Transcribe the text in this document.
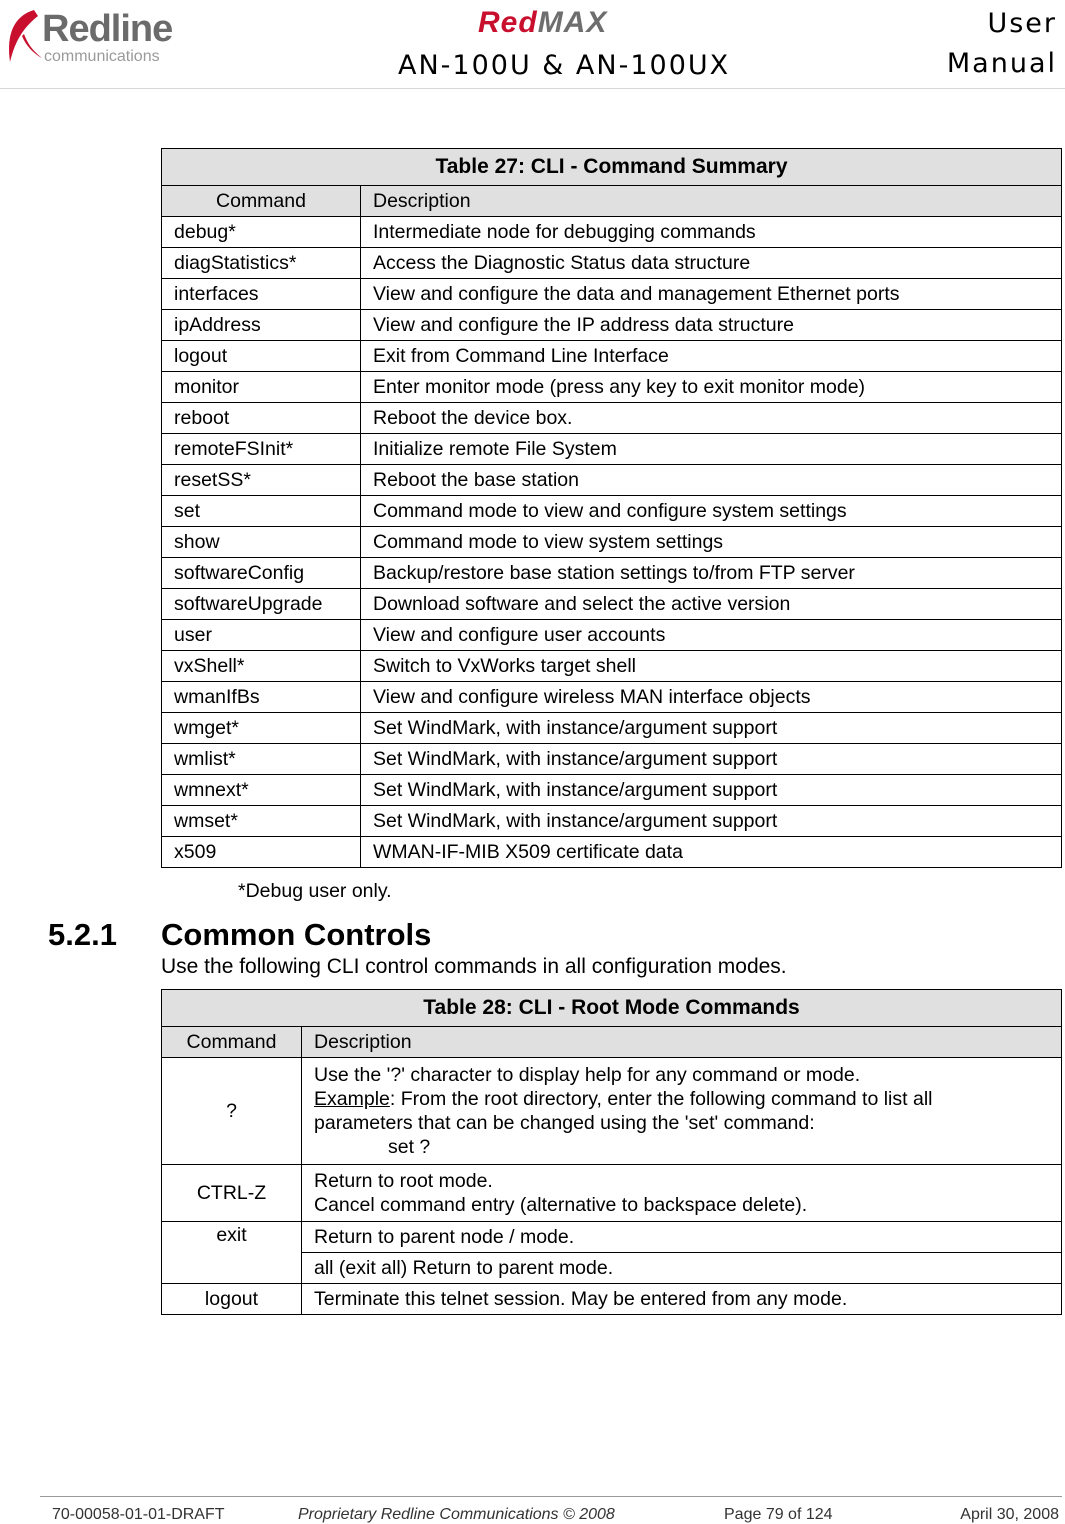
Redline
communications
RedMAX
AN-100U & AN-100UX
User
Manual
Table 27: CLI - Command Summary	
Command	Description
debug*	Intermediate node for debugging commands
diagStatistics*	Access the Diagnostic Status data structure
interfaces	View and configure the data and management Ethernet ports
ipAddress	View and configure the IP address data structure
logout	Exit from Command Line Interface
monitor	Enter monitor mode (press any key to exit monitor mode)
reboot	Reboot the device box.
remoteFSInit*	Initialize remote File System
resetSS*	Reboot the base station
set	Command mode to view and configure system settings
show	Command mode to view system settings
softwareConfig	Backup/restore base station settings to/from FTP server
softwareUpgrade	Download software and select the active version
user	View and configure user accounts
vxShell*	Switch to VxWorks target shell
wmanIfBs	View and configure wireless MAN interface objects
wmget*	Set WindMark, with instance/argument support
wmlist*	Set WindMark, with instance/argument support
wmnext*	Set WindMark, with instance/argument support
wmset*	Set WindMark, with instance/argument support
x509	WMAN-IF-MIB X509 certificate data
*Debug user only.
5.2.1 Common Controls
Use the following CLI control commands in all configuration modes.
Table 28: CLI - Root Mode Commands	
Command	Description
?	Use the '?' character to display help for any command or mode.
Example: From the root directory, enter the following command to list all
parameters that can be changed using the 'set' command:
set ?

CTRL-Z	Return to root mode.
Cancel command entry (alternative to backspace delete).

exit	Return to parent node / mode.
	all (exit all) Return to parent mode.
logout	Terminate this telnet session. May be entered from any mode.
70-00058-01-01-DRAFT	Proprietary Redline Communications © 2008	Page 79 of 124	April 30, 2008
